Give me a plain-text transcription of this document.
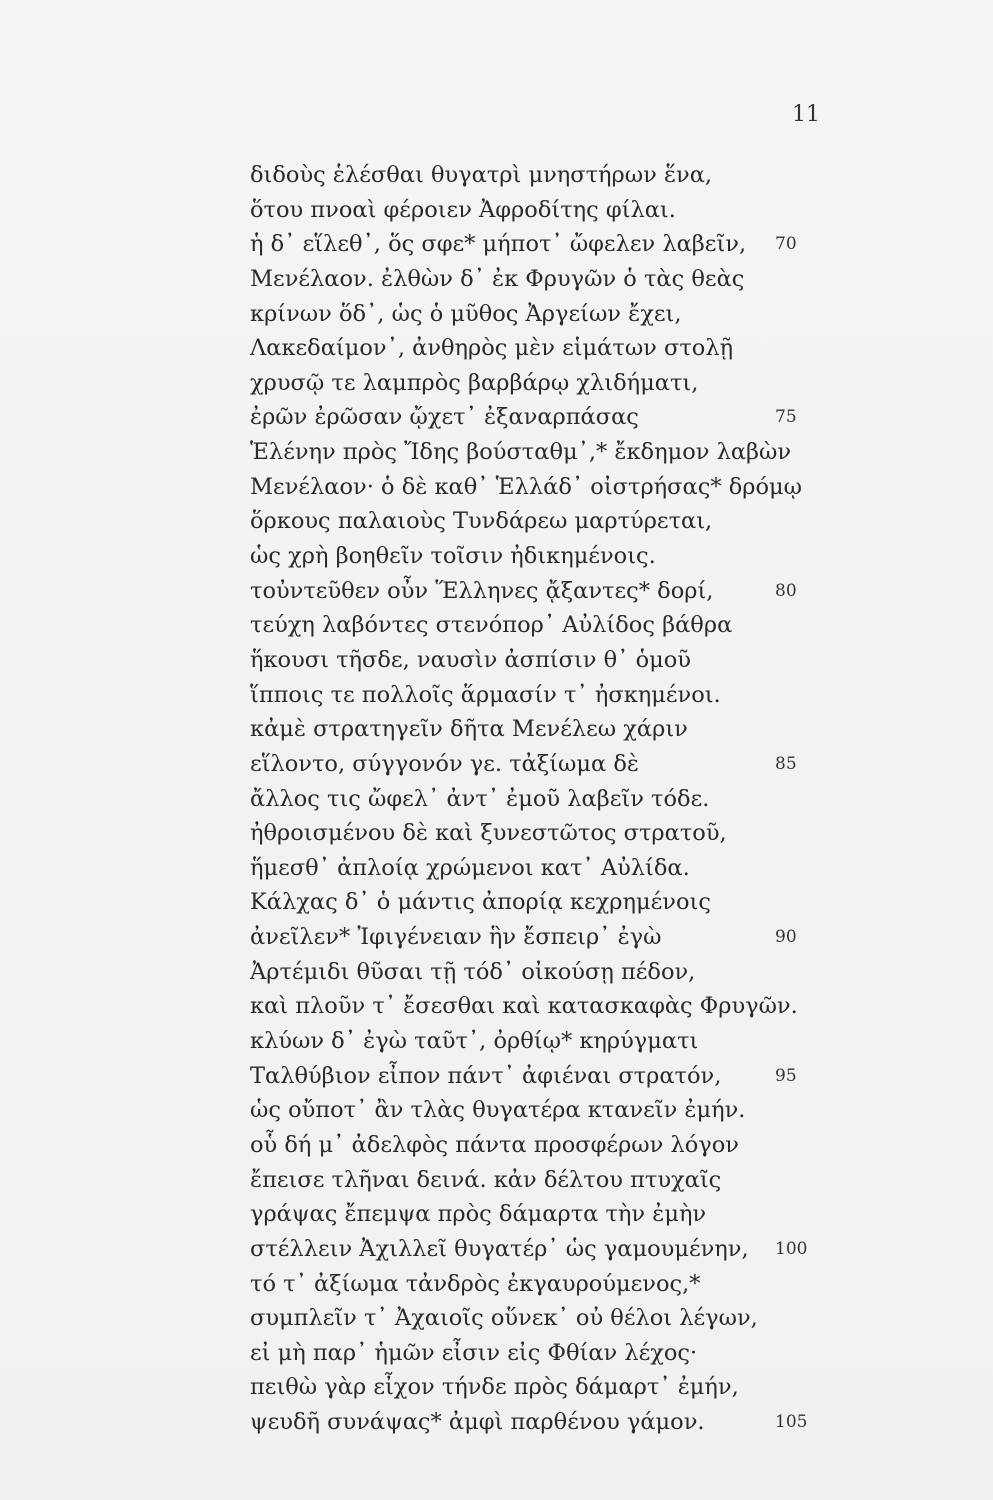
11
διδοὺς ἑλέσθαι θυγατρὶ μνηστήρων ἕνα,
ὅτου πνοαὶ φέροιεν Ἀφροδίτης φίλαι.
ἡ δ᾿ εἵλεθ᾿, ὅς σφε* μήποτ᾿ ὤφελεν λαβεῖν, 70
Μενέλαον. ἐλθὼν δ᾿ ἐκ Φρυγῶν ὁ τὰς θεὰς
κρίνων ὅδ᾿, ὡς ὁ μῦθος Ἀργείων ἔχει,
Λακεδαίμον᾿, ἀνθηρὸς μὲν εἱμάτων στολῇ
χρυσῷ τε λαμπρὸς βαρβάρῳ χλιδήματι,
ἐρῶν ἐρῶσαν ᾤχετ᾿ ἐξαναρπάσας	75
Ἑλένην πρὸς Ἴδης βούσταθμ᾿,* ἔκδημον λαβὼν
Μενέλαον· ὁ δὲ καθ᾿ Ἑλλάδ᾿ οἰστρήσας* δρόμῳ
ὅρκους παλαιοὺς Τυνδάρεω μαρτύρεται,
ὡς χρὴ βοηθεῖν τοῖσιν ἠδικημένοις.
τοὐντεῦθεν οὖν Ἕλληνες ᾄξαντες* δορί,	80
τεύχη λαβόντες στενόπορ᾿ Αὐλίδος βάθρα
ἥκουσι τῆσδε, ναυσὶν ἀσπίσιν θ᾿ ὁμοῦ
ἵπποις τε πολλοῖς ἅρμασίν τ᾿ ἠσκημένοι.
κἀμὲ στρατηγεῖν δῆτα Μενέλεω χάριν
εἵλοντο, σύγγονόν γε. τἀξίωμα δὲ	85
ἄλλος τις ὤφελ᾿ ἀντ᾿ ἐμοῦ λαβεῖν τόδε.
ἠθροισμένου δὲ καὶ ξυνεστῶτος στρατοῦ,
ἥμεσθ᾿ ἀπλοίᾳ χρώμενοι κατ᾿ Αὐλίδα.
Κάλχας δ᾿ ὁ μάντις ἀπορίᾳ κεχρημένοις
ἀνεῖλεν* Ἰφιγένειαν ἣν ἔσπειρ᾿ ἐγὼ	90
Ἀρτέμιδι θῦσαι τῇ τόδ᾿ οἰκούσῃ πέδον,
καὶ πλοῦν τ᾿ ἔσεσθαι καὶ κατασκαφὰς Φρυγῶν.
κλύων δ᾿ ἐγὼ ταῦτ᾿, ὀρθίῳ* κηρύγματι
Ταλθύβιον εἶπον πάντ᾿ ἀφιέναι στρατόν,	95
ὡς οὔποτ᾿ ἂν τλὰς θυγατέρα κτανεῖν ἐμήν.
οὗ δή μ᾿ ἀδελφὸς πάντα προσφέρων λόγον
ἔπεισε τλῆναι δεινά. κἀν δέλτου πτυχαῖς
γράψας ἔπεμψα πρὸς δάμαρτα τὴν ἐμὴν
στέλλειν Ἀχιλλεῖ θυγατέρ᾿ ὡς γαμουμένην, 100
τό τ᾿ ἀξίωμα τἀνδρὸς ἐκγαυρούμενος,*
συμπλεῖν τ᾿ Ἀχαιοῖς οὕνεκ᾿ οὐ θέλοι λέγων,
εἰ μὴ παρ᾿ ἡμῶν εἶσιν εἰς Φθίαν λέχος·
πειθὼ γὰρ εἶχον τήνδε πρὸς δάμαρτ᾿ ἐμήν,
ψευδῆ συνάψας* ἀμφὶ παρθένου γάμον.	105
